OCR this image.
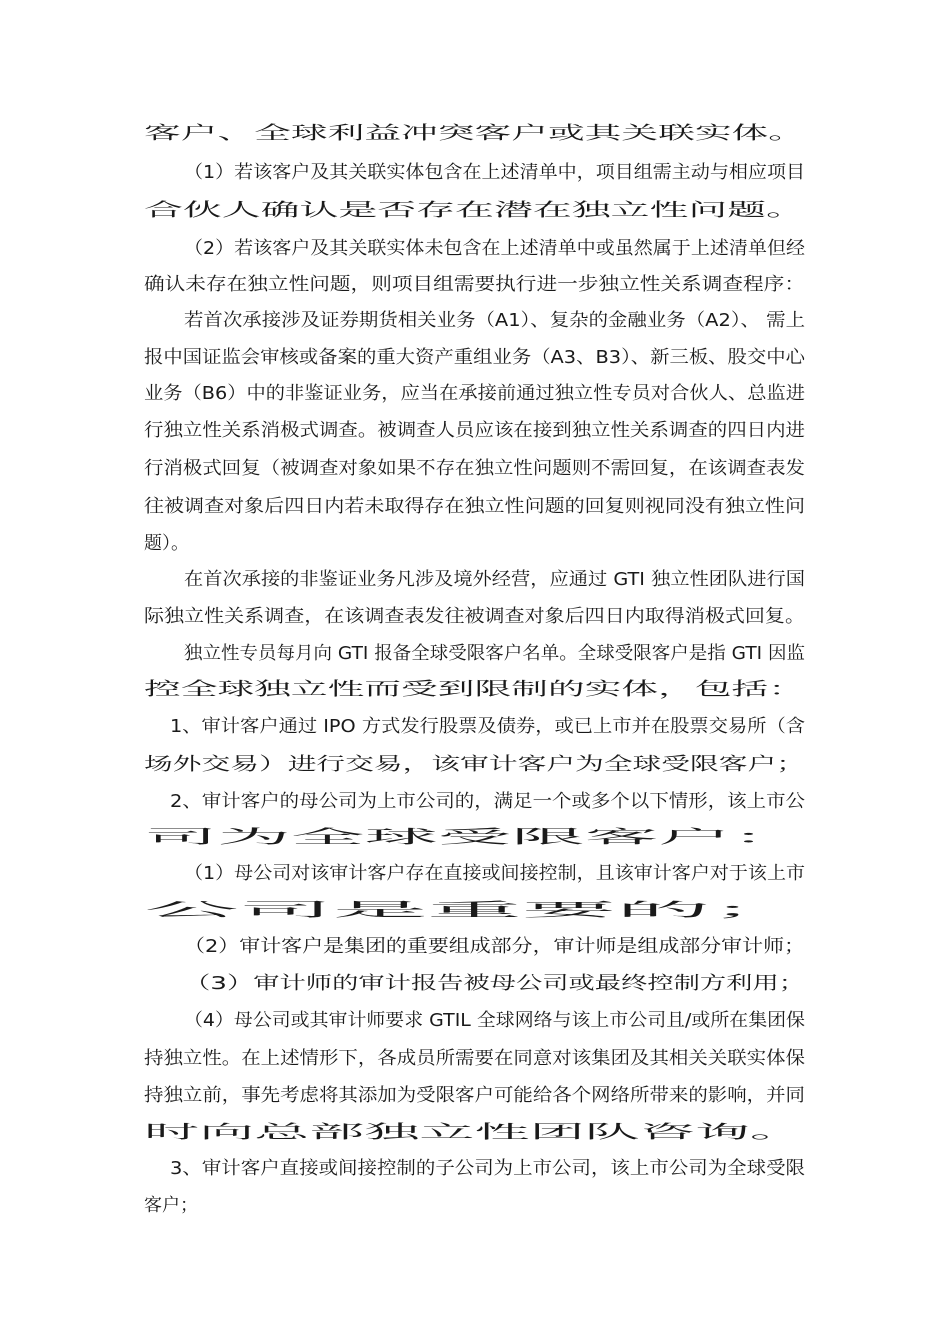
客户、全球利益冲突客户或其关联实体。

（1）若该客户及其关联实体包含在上述清单中，项目组需主动与相应项目

合伙人确认是否存在潜在独立性问题。

（2）若该客户及其关联实体未包含在上述清单中或虽然属于上述清单但经

确认未存在独立性问题，则项目组需要执行进一步独立性关系调查程序：

若首次承接涉及证券期货相关业务（A1）、复杂的金融业务（A2）、 需上

报中国证监会审核或备案的重大资产重组业务（A3、B3）、新三板、股交中心

业务（B6）中的非鉴证业务，应当在承接前通过独立性专员对合伙人、总监进

行独立性关系消极式调查。被调查人员应该在接到独立性关系调查的四日内进

行消极式回复（被调查对象如果不存在独立性问题则不需回复，在该调查表发

往被调查对象后四日内若未取得存在独立性问题的回复则视同没有独立性问

题）。

在首次承接的非鉴证业务凡涉及境外经营，应通过 GTI 独立性团队进行国

际独立性关系调查，在该调查表发往被调查对象后四日内取得消极式回复。

独立性专员每月向 GTI 报备全球受限客户名单。全球受限客户是指 GTI 因监

控全球独立性而受到限制的实体，包括：

1、审计客户通过 IPO 方式发行股票及债券，或已上市并在股票交易所（含

场外交易）进行交易，该审计客户为全球受限客户；

2、审计客户的母公司为上市公司的，满足一个或多个以下情形，该上市公

司为全球受限客户：

（1）母公司对该审计客户存在直接或间接控制，且该审计客户对于该上市

公司是重要的；

（2）审计客户是集团的重要组成部分，审计师是组成部分审计师；

（3）审计师的审计报告被母公司或最终控制方利用；

（4）母公司或其审计师要求 GTIL 全球网络与该上市公司且/或所在集团保

持独立性。在上述情形下，各成员所需要在同意对该集团及其相关关联实体保

持独立前，事先考虑将其添加为受限客户可能给各个网络所带来的影响，并同

时向总部独立性团队咨询。

3、审计客户直接或间接控制的子公司为上市公司，该上市公司为全球受限

客户；
